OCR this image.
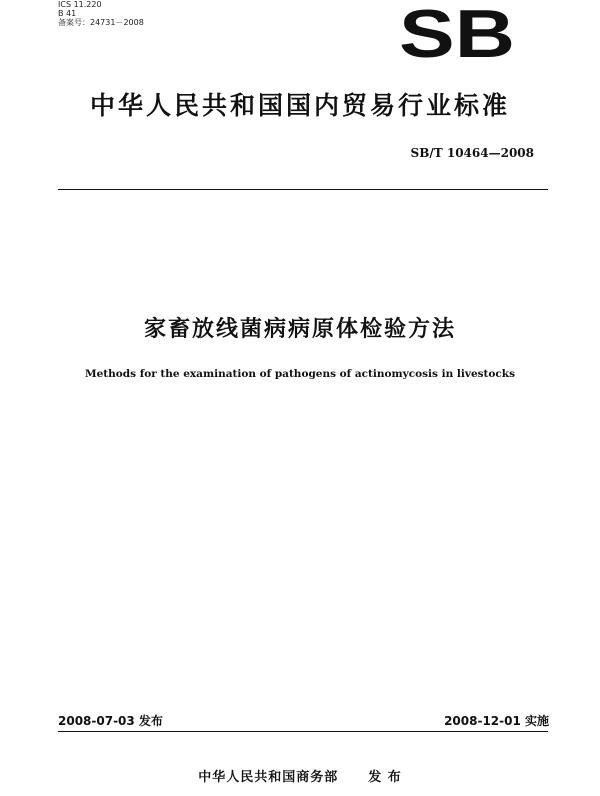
ICS 11.220
B 41
备案号：24731－2008	SB
中华人民共和国国内贸易行业标准
SB/T 10464—2008
家畜放线菌病病原体检验方法
Methods for the examination of pathogens of actinomycosis in livestocks
2008-07-03 发布	2008-12-01 实施
中华人民共和国商务部 发 布
